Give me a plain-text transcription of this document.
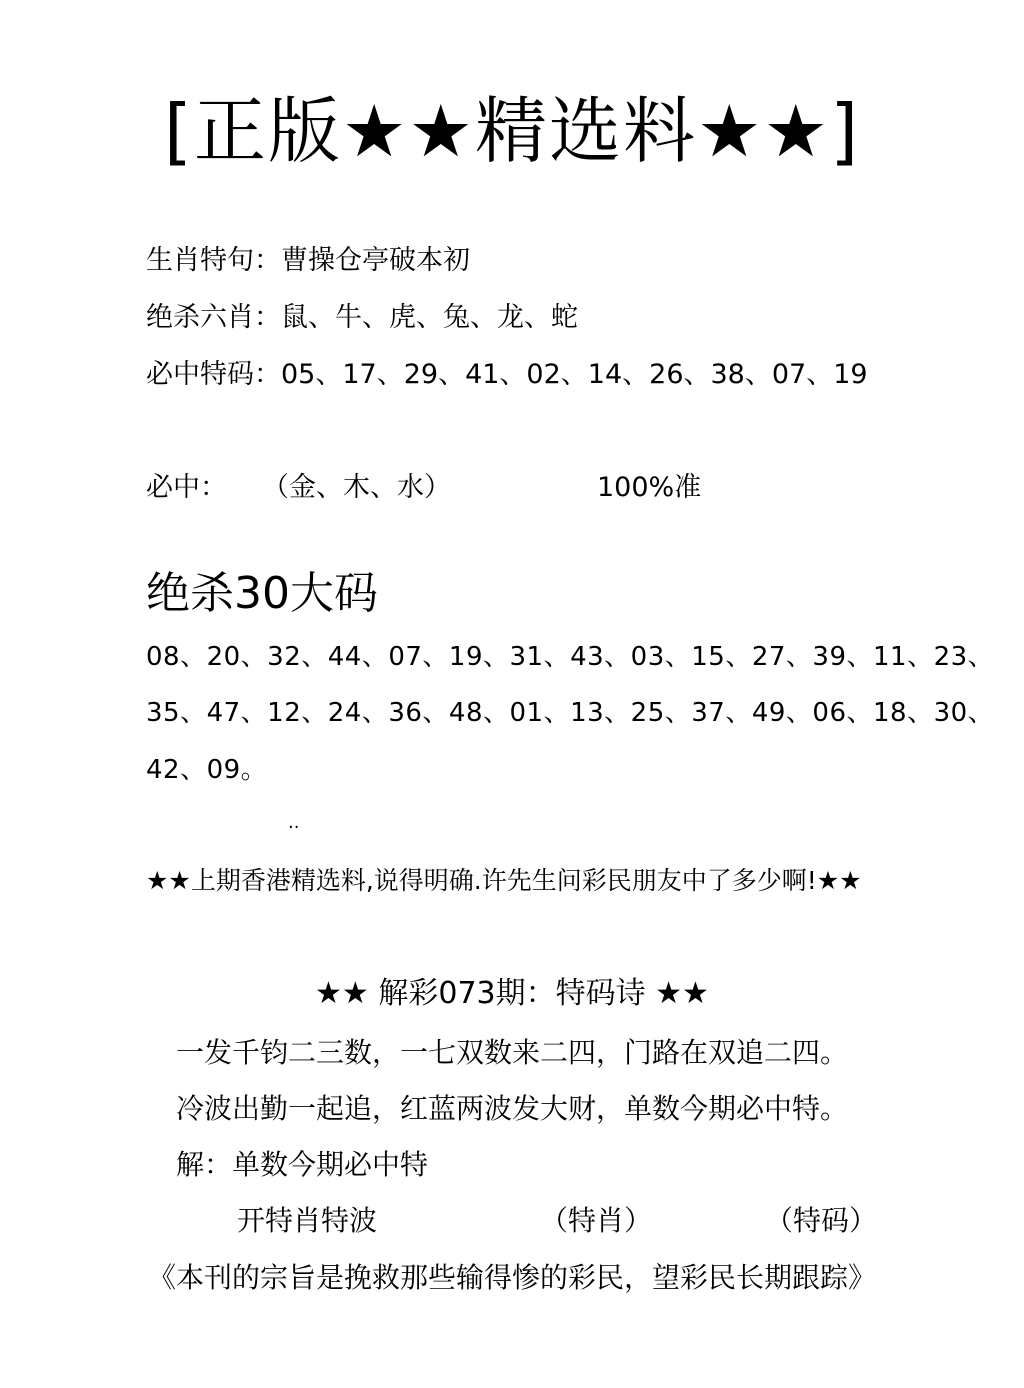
[正版★★精选料★★]
生肖特句：曹操仓亭破本初
绝杀六肖：鼠、牛、虎、兔、龙、蛇
必中特码：05、17、29、41、02、14、26、38、07、19
必中： （金、木、水）	100%准
绝杀30大码
08、20、32、44、07、19、31、43、03、15、27、39、11、23、
35、47、12、24、36、48、01、13、25、37、49、06、18、30、
42、09。
..
★★上期香港精选料,说得明确.许先生问彩民朋友中了多少啊!★★
★★ 解彩073期：特码诗 ★★
一发千钧二三数，一七双数来二四，门路在双追二四。
冷波出勤一起追，红蓝两波发大财，单数今期必中特。
解：单数今期必中特
开特肖特波	（特肖）	（特码）
《本刊的宗旨是挽救那些输得惨的彩民，望彩民长期跟踪》
